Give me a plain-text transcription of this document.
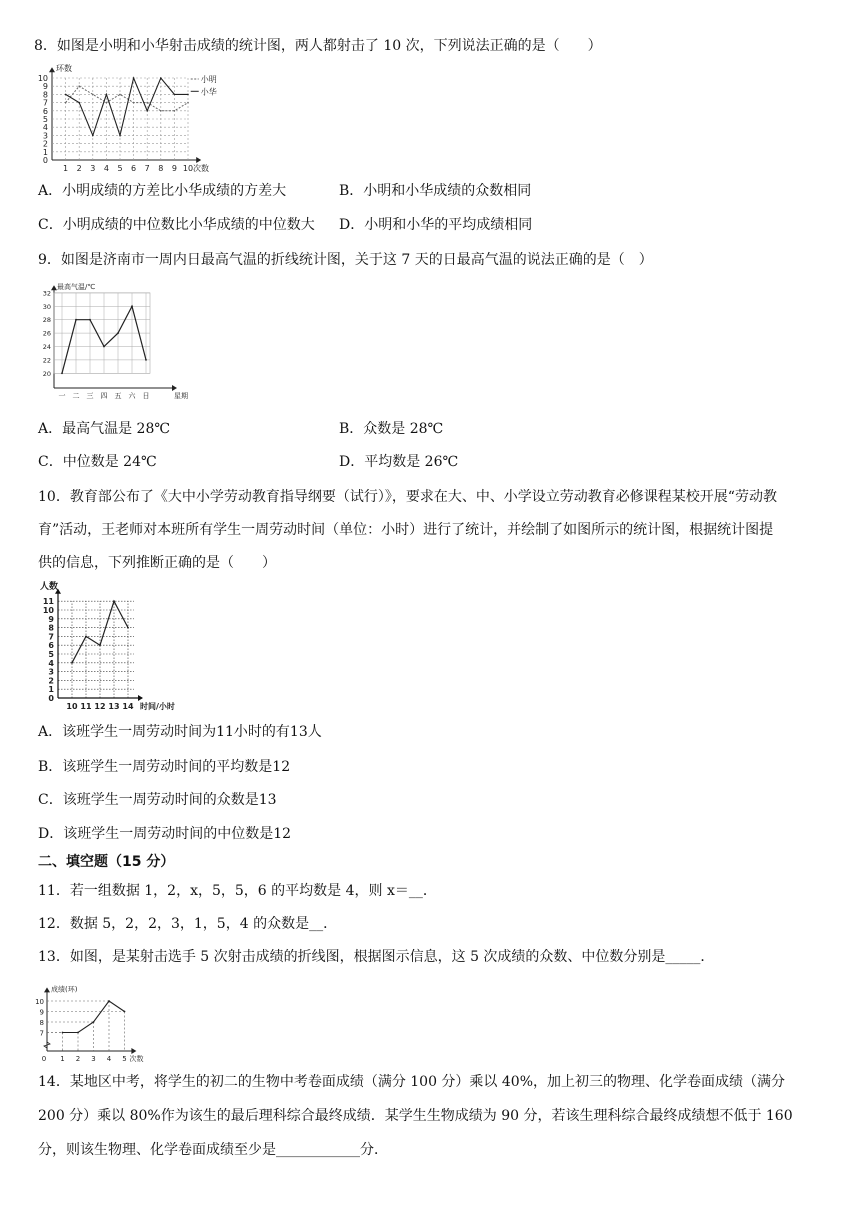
8．如图是小明和小华射击成绩的统计图，两人都射击了 10 次，下列说法正确的是（　　）
0
1
2
3
4
5
6
7
8
9
10
1 2 3 4 5 6 7 8 9 10
环数
次数
小明
小华
A．小明成绩的方差比小华成绩的方差大	B．小明和小华成绩的众数相同
C．小明成绩的中位数比小华成绩的中位数大 D．小明和小华的平均成绩相同
9．如图是济南市一周内日最高气温的折线统计图，关于这 7 天的日最高气温的说法正确的是（　）
20
22
24
26
28
30
32
一 二 三 四 五 六 日
最高气温/℃
星期
A．最高气温是 28℃	B．众数是 28℃
C．中位数是 24℃	D．平均数是 26℃
10．教育部公布了《大中小学劳动教育指导纲要（试行）》，要求在大、中、小学设立劳动教育必修课程某校开展“劳动教
育”活动，王老师对本班所有学生一周劳动时间（单位：小时）进行了统计，并绘制了如图所示的统计图，根据统计图提
供的信息，下列推断正确的是（　　）
0
1
2
3
4
5
6
7
8
9
10
11
10 11 12 13 14
人数
时间/小时
A．该班学生一周劳动时间为11小时的有13人
B．该班学生一周劳动时间的平均数是12
C．该班学生一周劳动时间的众数是13
D．该班学生一周劳动时间的中位数是12
二、填空题（15 分）
11．若一组数据 1，2，x，5，5，6 的平均数是 4，则 x＝__．
12．数据 5，2，2，3，1，5，4 的众数是__．
13．如图，是某射击选手 5 次射击成绩的折线图，根据图示信息，这 5 次成绩的众数、中位数分别是_____．
7
8
9
10
0 1 2 3 4 5
成绩(环)
次数
14．某地区中考，将学生的初二的生物中考卷面成绩（满分 100 分）乘以 40%，加上初三的物理、化学卷面成绩（满分
200 分）乘以 80%作为该生的最后理科综合最终成绩．某学生生物成绩为 90 分，若该生理科综合最终成绩想不低于 160
分，则该生物理、化学卷面成绩至少是____________分．
